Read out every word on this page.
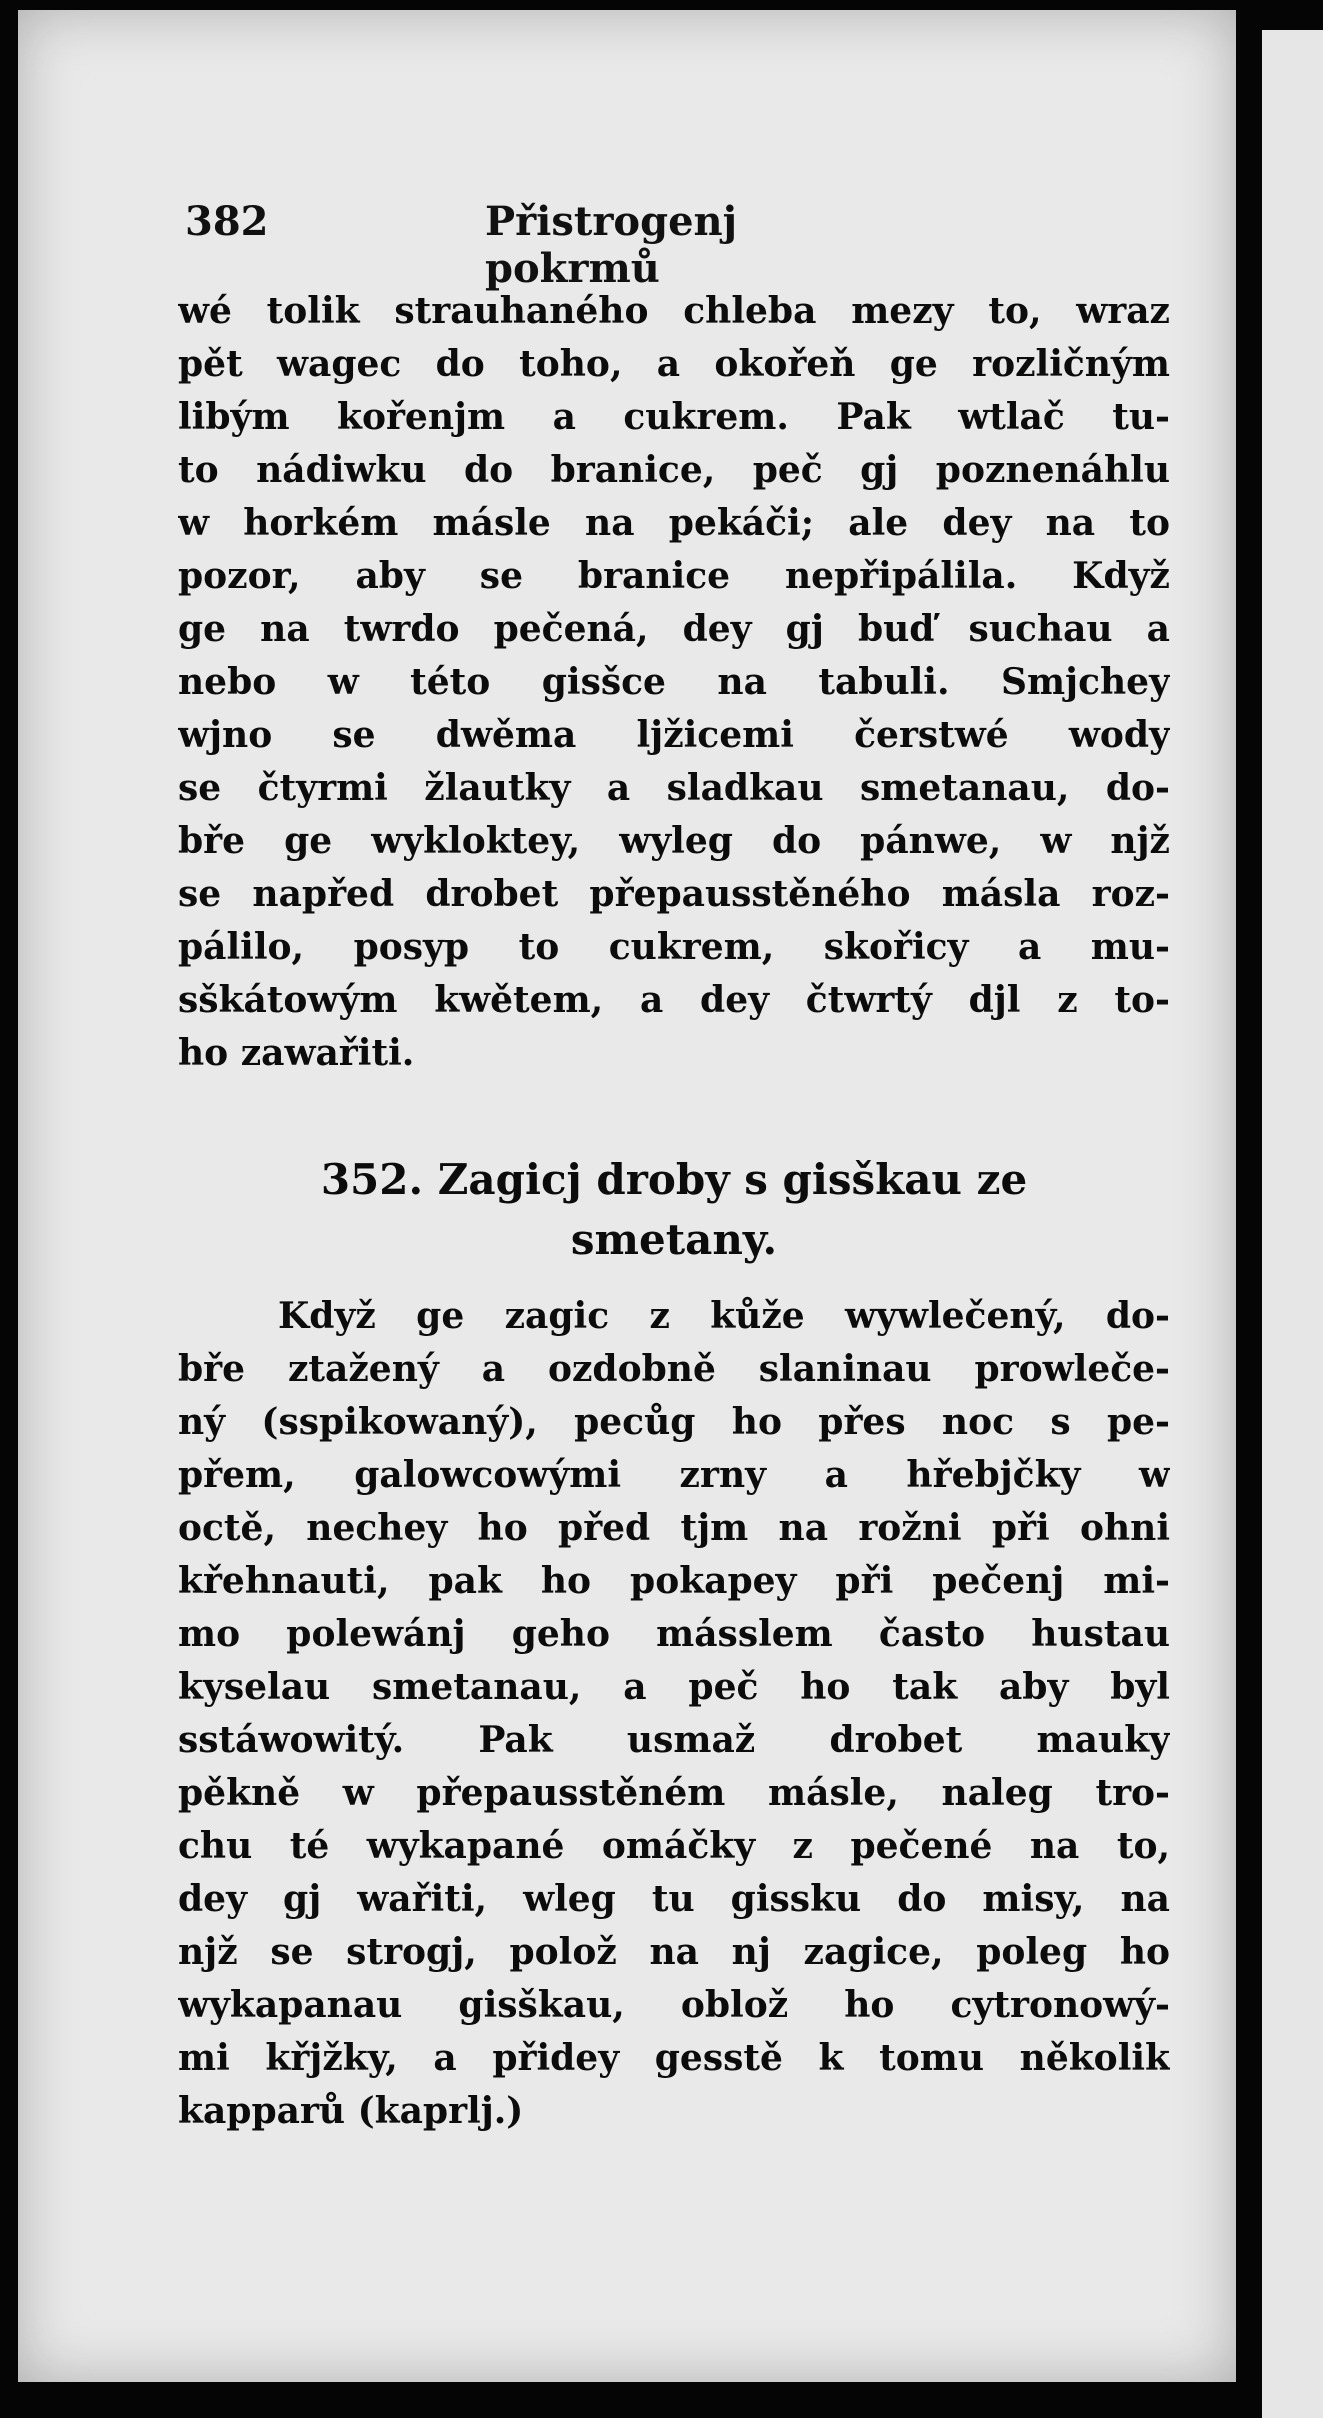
382	Přistrogenj pokrmů
wé tolik strauhaného chleba mezy to, wraz
pět wagec do toho, a okořeň ge rozličným
libým kořenjm a cukrem. Pak wtlač tu-
to nádiwku do branice, peč gj poznenáhlu
w horkém másle na pekáči; ale dey na to
pozor, aby se branice nepřipálila. Když
ge na twrdo pečená, dey gj buď suchau a
nebo w této gisšce na tabuli. Smjchey
wjno se dwěma ljžicemi čerstwé wody
se čtyrmi žlautky a sladkau smetanau, do-
bře ge wykloktey, wyleg do pánwe, w njž
se napřed drobet přepausstěného másla roz-
pálilo, posyp to cukrem, skořicy a mu-
sškátowým kwětem, a dey čtwrtý djl z to-
ho zawařiti.
352. Zagicj droby s gisškau ze
smetany.
Když ge zagic z kůže wywlečený, do-
bře ztažený a ozdobně slaninau prowleče-
ný (sspikowaný), pecůg ho přes noc s pe-
přem, galowcowými zrny a hřebjčky w
octě, nechey ho před tjm na rožni při ohni
křehnauti, pak ho pokapey při pečenj mi-
mo polewánj geho másslem často hustau
kyselau smetanau, a peč ho tak aby byl
sstáwowitý. Pak usmaž drobet mauky
pěkně w přepausstěném másle, naleg tro-
chu té wykapané omáčky z pečené na to,
dey gj wařiti, wleg tu gissku do misy, na
njž se strogj, polož na nj zagice, poleg ho
wykapanau gisškau, oblož ho cytronowý-
mi křjžky, a přidey gesstě k tomu několik
kapparů (kaprlj.)
